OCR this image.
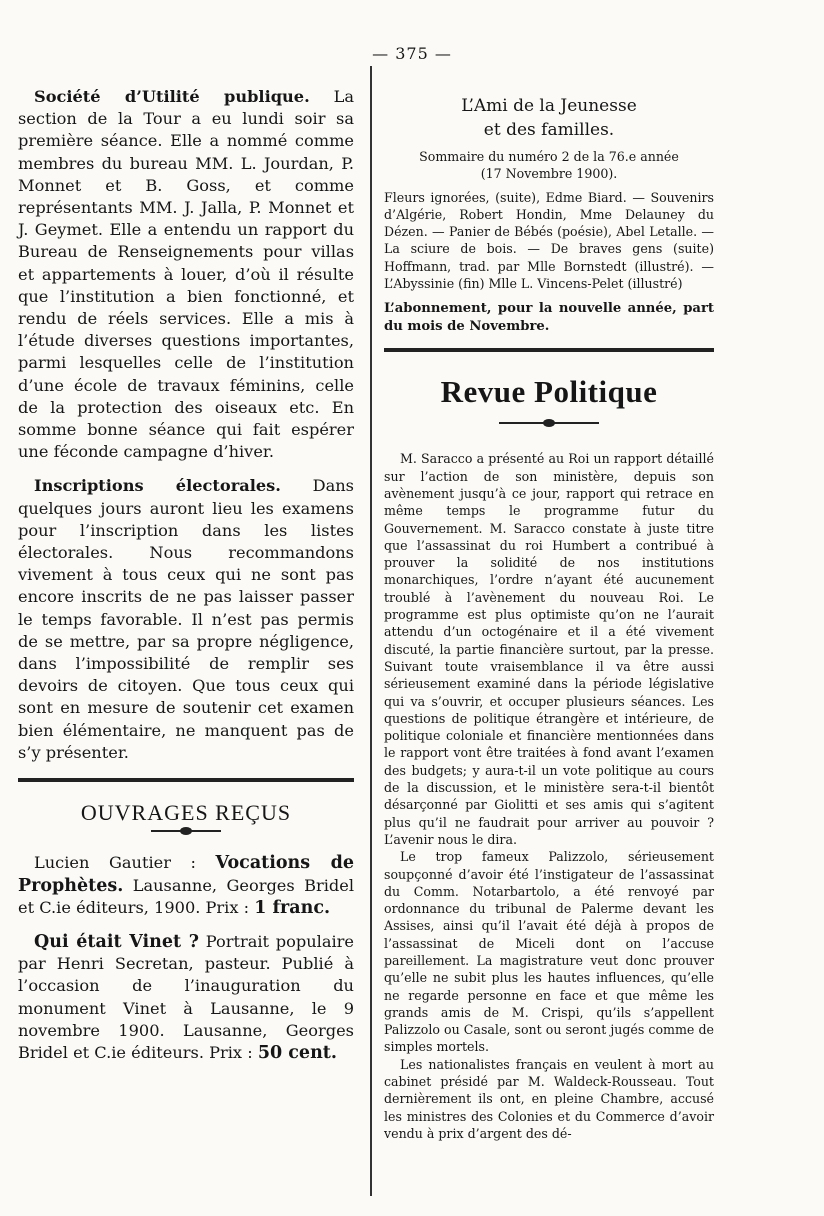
— 375 —

Société d’Utilité publique. La section de la Tour a eu lundi soir sa première séance. Elle a nommé comme membres du bureau MM. L. Jourdan, P. Monnet et B. Goss, et comme représentants MM. J. Jalla, P. Monnet et J. Geymet. Elle a entendu un rapport du Bureau de Renseignements pour villas et appartements à louer, d’où il résulte que l’institution a bien fonctionné, et rendu de réels services. Elle a mis à l’étude diverses questions importantes, parmi lesquelles celle de l’institution d’une école de travaux féminins, celle de la protection des oiseaux etc. En somme bonne séance qui fait espérer une féconde campagne d’hiver.

Inscriptions électorales. Dans quelques jours auront lieu les examens pour l’inscription dans les listes électorales. Nous recommandons vivement à tous ceux qui ne sont pas encore inscrits de ne pas laisser passer le temps favorable. Il n’est pas permis de se mettre, par sa propre négligence, dans l’impossibilité de remplir ses devoirs de citoyen. Que tous ceux qui sont en mesure de soutenir cet examen bien élémentaire, ne manquent pas de s’y présenter.

OUVRAGES REÇUS

Lucien Gautier : Vocations de Prophètes. Lausanne, Georges Bridel et C.ie éditeurs, 1900. Prix : 1 franc.

Qui était Vinet ? Portrait populaire par Henri Secretan, pasteur. Publié à l’occasion de l’inauguration du monument Vinet à Lausanne, le 9 novembre 1900. Lausanne, Georges Bridel et C.ie éditeurs. Prix : 50 cent.

L’Ami de la Jeunesse
et des familles.
Sommaire du numéro 2 de la 76.e année
(17 Novembre 1900).

Fleurs ignorées, (suite), Edme Biard. — Souvenirs d’Algérie, Robert Hondin, Mme Delauney du Dézen. — Panier de Bébés (poésie), Abel Letalle. — La sciure de bois. — De braves gens (suite) Hoffmann, trad. par Mlle Bornstedt (illustré). — L’Abyssinie (fin) Mlle L. Vincens-Pelet (illustré)

L’abonnement, pour la nouvelle année, part du mois de Novembre.

Revue Politique

M. Saracco a présenté au Roi un rapport détaillé sur l’action de son ministère, depuis son avènement jusqu’à ce jour, rapport qui retrace en même temps le programme futur du Gouvernement. M. Saracco constate à juste titre que l’assassinat du roi Humbert a contribué à prouver la solidité de nos institutions monarchiques, l’ordre n’ayant été aucunement troublé à l’avènement du nouveau Roi. Le programme est plus optimiste qu’on ne l’aurait attendu d’un octogénaire et il a été vivement discuté, la partie financière surtout, par la presse. Suivant toute vraisemblance il va être aussi sérieusement examiné dans la période législative qui va s’ouvrir, et occuper plusieurs séances. Les questions de politique étrangère et intérieure, de politique coloniale et financière mentionnées dans le rapport vont être traitées à fond avant l’examen des budgets; y aura-t-il un vote politique au cours de la discussion, et le ministère sera-t-il bientôt désarçonné par Giolitti et ses amis qui s’agitent plus qu’il ne faudrait pour arriver au pouvoir ? L’avenir nous le dira.

Le trop fameux Palizzolo, sérieusement soupçonné d’avoir été l’instigateur de l’assassinat du Comm. Notarbartolo, a été renvoyé par ordonnance du tribunal de Palerme devant les Assises, ainsi qu’il l’avait été déjà à propos de l’assassinat de Miceli dont on l’accuse pareillement. La magistrature veut donc prouver qu’elle ne subit plus les hautes influences, qu’elle ne regarde personne en face et que même les grands amis de M. Crispi, qu’ils s’appellent Palizzolo ou Casale, sont ou seront jugés comme de simples mortels.

Les nationalistes français en veulent à mort au cabinet présidé par M. Waldeck-Rousseau. Tout dernièrement ils ont, en pleine Chambre, accusé les ministres des Colonies et du Commerce d’avoir vendu à prix d’argent des dé-
